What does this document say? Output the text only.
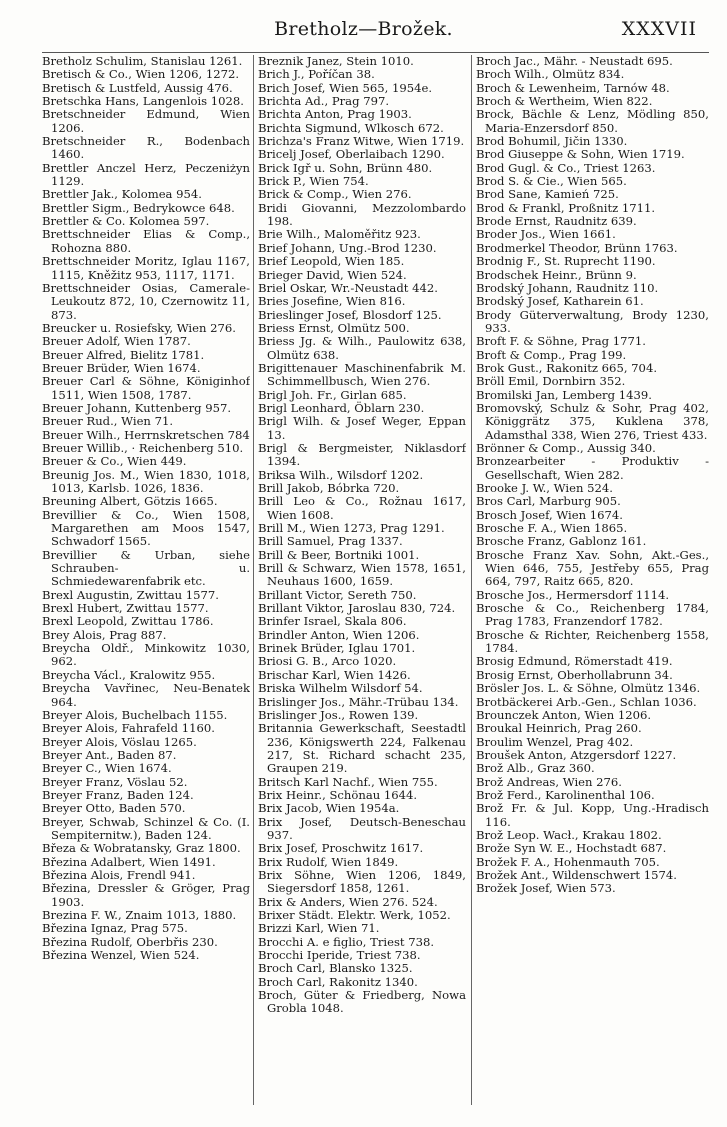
Bretholz—Brožek.	XXXVII

Bretholz Schulim, Stanislau 1261.

Bretisch & Co., Wien 1206, 1272.

Bretisch & Lustfeld, Aussig 476.

Bretschka Hans, Langenlois 1028.

Bretschneider Edmund, Wien 1206.

Bretschneider R., Bodenbach 1460.

Brettler Anczel Herz, Peczeniżyn 1129.

Brettler Jak., Kolomea 954.

Brettler Sigm., Bedrykowce 648.

Brettler & Co. Kolomea 597.

Brettschneider Elias & Comp., Rohozna 880.

Brettschneider Moritz, Iglau 1167, 1115, Kněžitz 953, 1117, 1171.

Brettschneider Osias, Camerale-Leukoutz 872, 10, Czernowitz 11, 873.

Breucker u. Rosiefsky, Wien 276.

Breuer Adolf, Wien 1787.

Breuer Alfred, Bielitz 1781.

Breuer Brüder, Wien 1674.

Breuer Carl & Söhne, Königinhof 1511, Wien 1508, 1787.

Breuer Johann, Kuttenberg 957.

Breuer Rud., Wien 71.

Breuer Wilh., Herrnskretschen 784

Breuer Willib., · Reichenberg 510.

Breuer & Co., Wien 449.

Breunig Jos. M., Wien 1830, 1018, 1013, Karlsb. 1026, 1836.

Breuning Albert, Götzis 1665.

Brevillier & Co., Wien 1508, Margarethen am Moos 1547, Schwadorf 1565.

Brevillier & Urban, siehe Schrauben- u. Schmiedewarenfabrik etc.

Brexl Augustin, Zwittau 1577.

Brexl Hubert, Zwittau 1577.

Brexl Leopold, Zwittau 1786.

Brey Alois, Prag 887.

Breycha Oldř., Minkowitz 1030, 962.

Breycha Václ., Kralowitz 955.

Breycha Vavřinec, Neu-Benatek 964.

Breyer Alois, Buchelbach 1155.

Breyer Alois, Fahrafeld 1160.

Breyer Alois, Vöslau 1265.

Breyer Ant., Baden 87.

Breyer C., Wien 1674.

Breyer Franz, Vöslau 52.

Breyer Franz, Baden 124.

Breyer Otto, Baden 570.

Breyer, Schwab, Schinzel & Co. (I. Sempiternitw.), Baden 124.

Březa & Wobratansky, Graz 1800.

Březina Adalbert, Wien 1491.

Březina Alois, Frendl 941.

Březina, Dressler & Gröger, Prag 1903.

Brezina F. W., Znaim 1013, 1880.

Březina Ignaz, Prag 575.

Březina Rudolf, Oberbřis 230.

Březina Wenzel, Wien 524.

Breznik Janez, Stein 1010.

Brich J., Poříčan 38.

Brich Josef, Wien 565, 1954e.

Brichta Ad., Prag 797.

Brichta Anton, Prag 1903.

Brichta Sigmund, Wlkosch 672.

Brichza's Franz Witwe, Wien 1719.

Bricelj Josef, Oberlaibach 1290.

Brick Igř u. Sohn, Brünn 480.

Brick P., Wien 754.

Brick & Comp., Wien 276.

Bridi Giovanni, Mezzolombardo 198.

Brie Wilh., Maloměřitz 923.

Brief Johann, Ung.-Brod 1230.

Brief Leopold, Wien 185.

Brieger David, Wien 524.

Briel Oskar, Wr.-Neustadt 442.

Bries Josefine, Wien 816.

Brieslinger Josef, Blosdorf 125.

Briess Ernst, Olmütz 500.

Briess Jg. & Wilh., Paulowitz 638, Olmütz 638.

Brigittenauer Maschinenfabrik M. Schimmellbusch, Wien 276.

Brigl Joh. Fr., Girlan 685.

Brigl Leonhard, Öblarn 230.

Brigl Wilh. & Josef Weger, Eppan 13.

Brigl & Bergmeister, Niklasdorf 1394.

Briksa Wilh., Wilsdorf 1202.

Brill Jakob, Bóbrka 720.

Brill Leo & Co., Rožnau 1617, Wien 1608.

Brill M., Wien 1273, Prag 1291.

Brill Samuel, Prag 1337.

Brill & Beer, Bortniki 1001.

Brill & Schwarz, Wien 1578, 1651, Neuhaus 1600, 1659.

Brillant Victor, Sereth 750.

Brillant Viktor, Jaroslau 830, 724.

Brinfer Israel, Skala 806.

Brindler Anton, Wien 1206.

Brinek Brüder, Iglau 1701.

Briosi G. B., Arco 1020.

Brischar Karl, Wien 1426.

Briska Wilhelm Wilsdorf 54.

Brislinger Jos., Mähr.-Trübau 134.

Brislinger Jos., Rowen 139.

Britannia Gewerkschaft, Seestadtl 236, Königswerth 224, Falkenau 217, St. Richard schacht 235, Graupen 219.

Britsch Karl Nachf., Wien 755.

Brix Heinr., Schönau 1644.

Brix Jacob, Wien 1954a.

Brix Josef, Deutsch-Beneschau 937.

Brix Josef, Proschwitz 1617.

Brix Rudolf, Wien 1849.

Brix Söhne, Wien 1206, 1849, Siegersdorf 1858, 1261.

Brix & Anders, Wien 276. 524.

Brixer Städt. Elektr. Werk, 1052.

Brizzi Karl, Wien 71.

Brocchi A. e figlio, Triest 738.

Brocchi Iperide, Triest 738.

Broch Carl, Blansko 1325.

Broch Carl, Rakonitz 1340.

Broch, Güter & Friedberg, Nowa Grobla 1048.

Broch Jac., Mähr. - Neustadt 695.

Broch Wilh., Olmütz 834.

Broch & Lewenheim, Tarnów 48.

Broch & Wertheim, Wien 822.

Brock, Bächle & Lenz, Mödling 850, Maria-Enzersdorf 850.

Brod Bohumil, Jičin 1330.

Brod Giuseppe & Sohn, Wien 1719.

Brod Gugl. & Co., Triest 1263.

Brod S. & Cie., Wien 565.

Brod Sane, Kamień 725.

Brod & Frankl, Proßnitz 1711.

Brode Ernst, Raudnitz 639.

Broder Jos., Wien 1661.

Brodmerkel Theodor, Brünn 1763.

Brodnig F., St. Ruprecht 1190.

Brodschek Heinr., Brünn 9.

Brodský Johann, Raudnitz 110.

Brodský Josef, Katharein 61.

Brody Güterverwaltung, Brody 1230, 933.

Broft F. & Söhne, Prag 1771.

Broft & Comp., Prag 199.

Brok Gust., Rakonitz 665, 704.

Bröll Emil, Dornbirn 352.

Bromilski Jan, Lemberg 1439.

Bromovský, Schulz & Sohr, Prag 402, Königgrätz 375, Kuklena 378, Adamsthal 338, Wien 276, Triest 433.

Brönner & Comp., Aussig 340.

Bronzearbeiter - Produktiv - Gesellschaft, Wien 282.

Brooke J. W., Wien 524.

Bros Carl, Marburg 905.

Brosch Josef, Wien 1674.

Brosche F. A., Wien 1865.

Brosche Franz, Gablonz 161.

Brosche Franz Xav. Sohn, Akt.-Ges., Wien 646, 755, Jestřeby 655, Prag 664, 797, Raitz 665, 820.

Brosche Jos., Hermersdorf 1114.

Brosche & Co., Reichenberg 1784, Prag 1783, Franzendorf 1782.

Brosche & Richter, Reichenberg 1558, 1784.

Brosig Edmund, Römerstadt 419.

Brosig Ernst, Oberhollabrunn 34.

Brösler Jos. L. & Söhne, Olmütz 1346.

Brotbäckerei Arb.-Gen., Schlan 1036.

Brounczek Anton, Wien 1206.

Broukal Heinrich, Prag 260.

Broulim Wenzel, Prag 402.

Broušek Anton, Atzgersdorf 1227.

Brož Alb., Graz 360.

Brož Andreas, Wien 276.

Brož Ferd., Karolinenthal 106.

Brož Fr. & Jul. Kopp, Ung.-Hradisch 116.

Brož Leop. Wacł., Krakau 1802.

Brože Syn W. E., Hochstadt 687.

Brožek F. A., Hohenmauth 705.

Brožek Ant., Wildenschwert 1574.

Brožek Josef, Wien 573.
